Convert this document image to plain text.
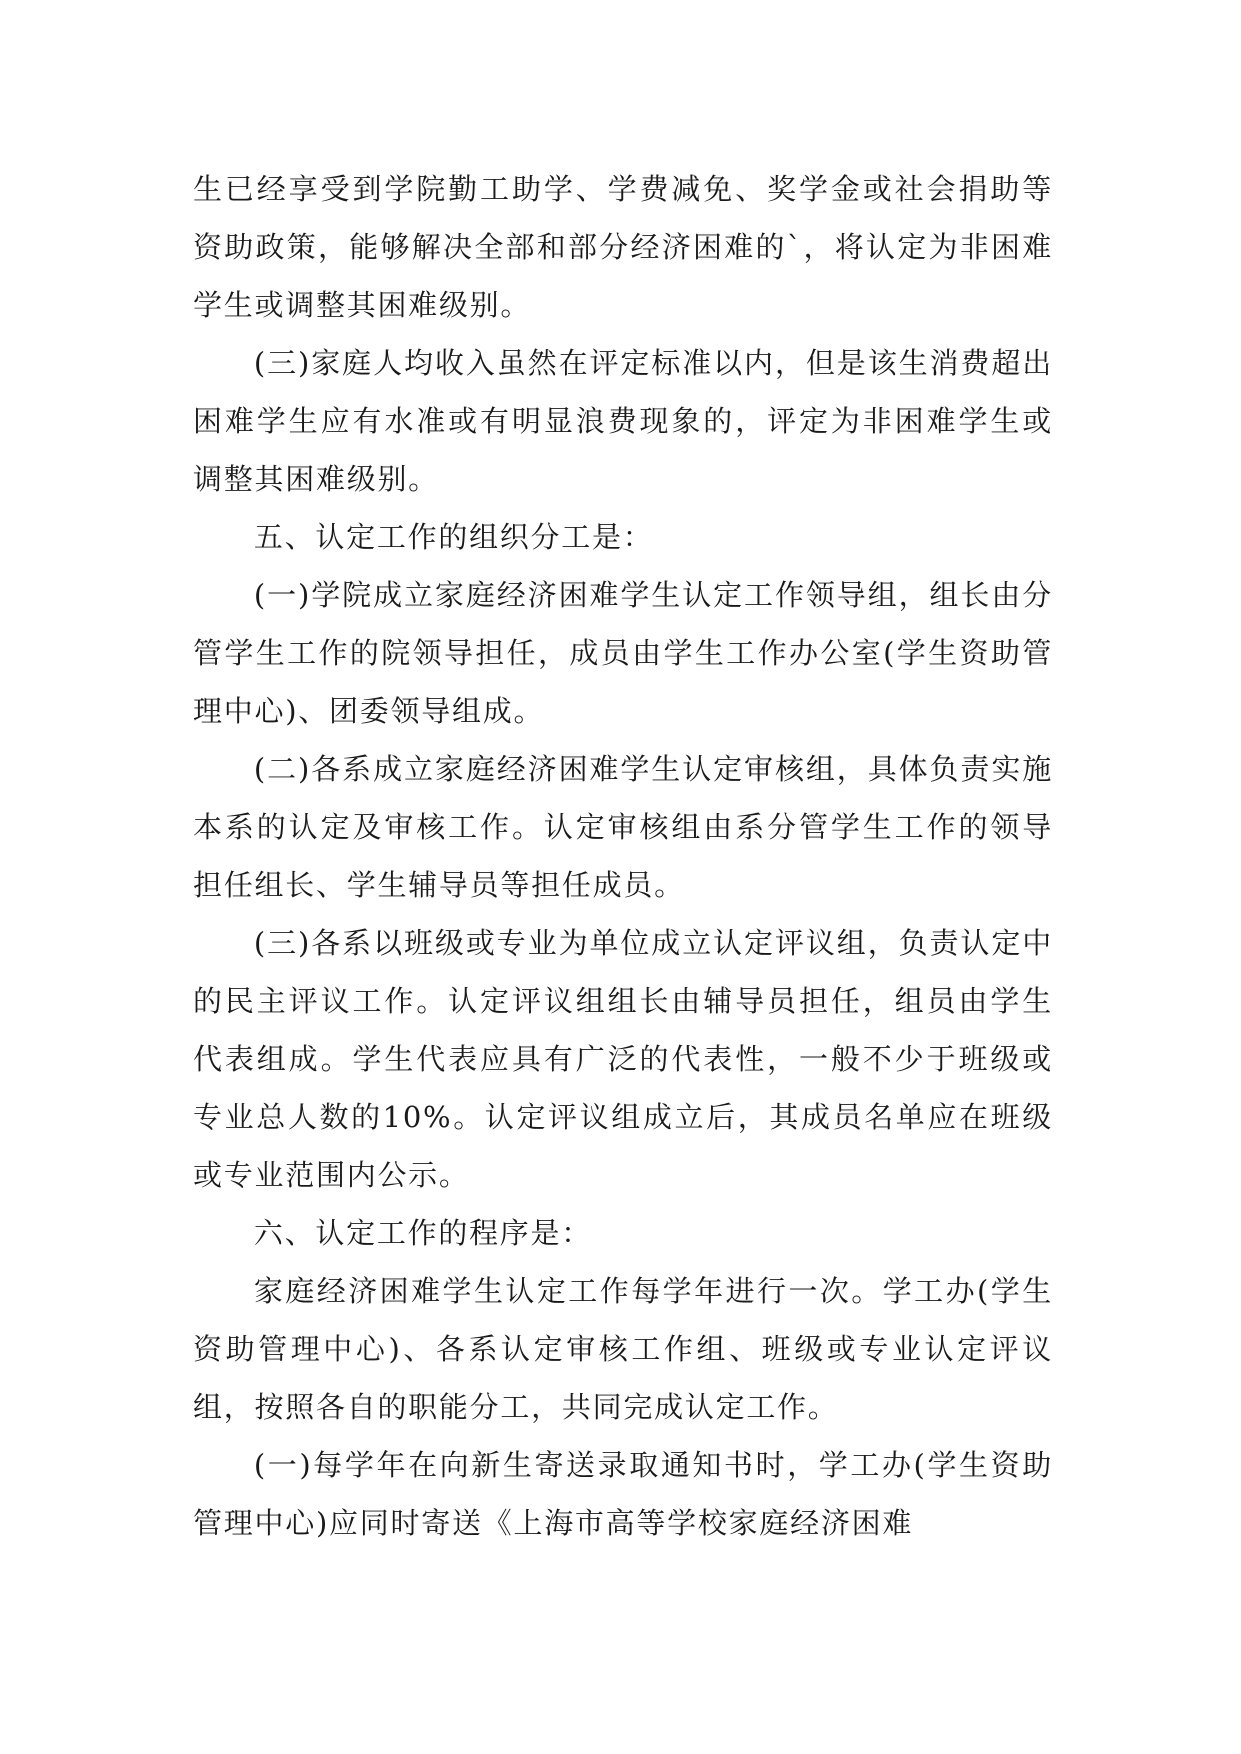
生已经享受到学院勤工助学、学费减免、奖学金或社会捐助等资助政策，能够解决全部和部分经济困难的`，将认定为非困难学生或调整其困难级别。

(三)家庭人均收入虽然在评定标准以内，但是该生消费超出困难学生应有水准或有明显浪费现象的，评定为非困难学生或调整其困难级别。

五、认定工作的组织分工是：

(一)学院成立家庭经济困难学生认定工作领导组，组长由分管学生工作的院领导担任，成员由学生工作办公室(学生资助管理中心)、团委领导组成。

(二)各系成立家庭经济困难学生认定审核组，具体负责实施本系的认定及审核工作。认定审核组由系分管学生工作的领导担任组长、学生辅导员等担任成员。

(三)各系以班级或专业为单位成立认定评议组，负责认定中的民主评议工作。认定评议组组长由辅导员担任，组员由学生代表组成。学生代表应具有广泛的代表性，一般不少于班级或专业总人数的10%。认定评议组成立后，其成员名单应在班级或专业范围内公示。

六、认定工作的程序是：

家庭经济困难学生认定工作每学年进行一次。学工办(学生资助管理中心)、各系认定审核工作组、班级或专业认定评议组，按照各自的职能分工，共同完成认定工作。

(一)每学年在向新生寄送录取通知书时，学工办(学生资助管理中心)应同时寄送《上海市高等学校家庭经济困难
